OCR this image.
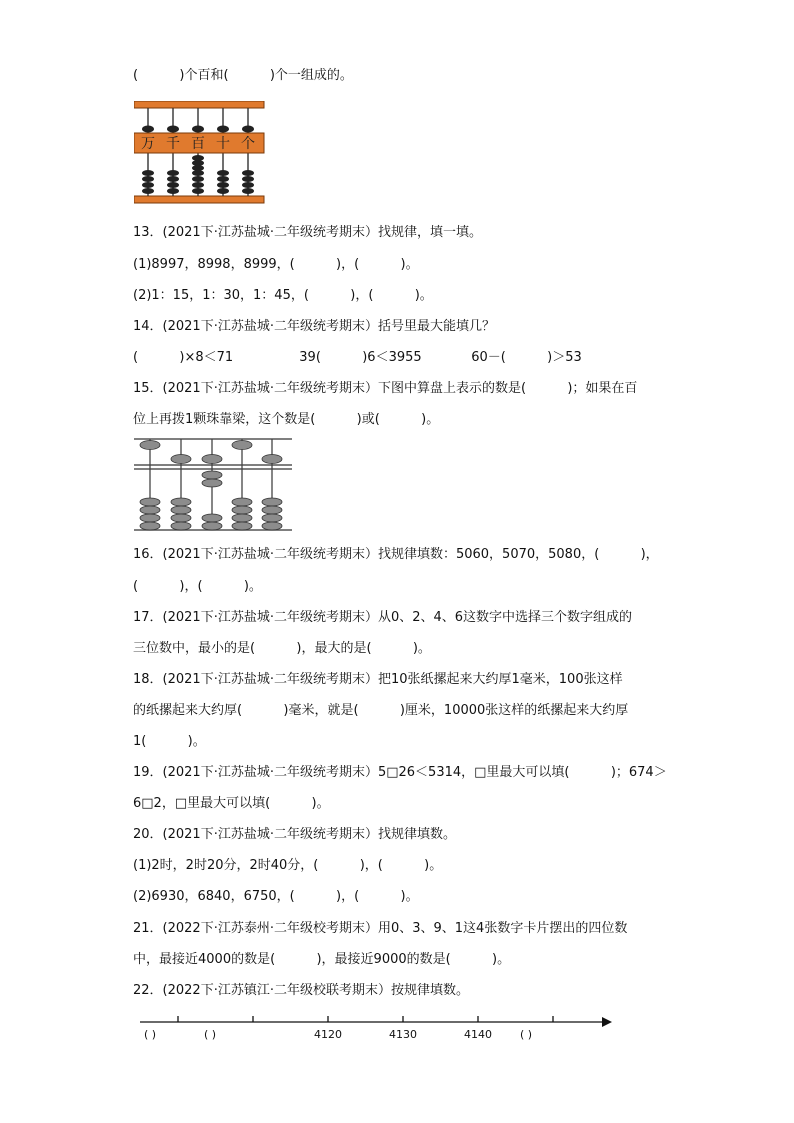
(          )个百和(          )个一组成的。
万 千 百 十 个
13．(2021下·江苏盐城·二年级统考期末）找规律，填一填。
(1)8997，8998，8999，(          )，(          )。
(2)1：15，1：30，1：45，(          )，(          )。
14．(2021下·江苏盐城·二年级统考期末）括号里最大能填几？
(          )×8＜71                39(          )6＜3955            60－(          )＞53
15．(2021下·江苏盐城·二年级统考期末）下图中算盘上表示的数是(          )；如果在百
位上再拨1颗珠靠梁，这个数是(          )或(          )。
16．(2021下·江苏盐城·二年级统考期末）找规律填数：5060，5070，5080，(          )，
(          )，(          )。
17．(2021下·江苏盐城·二年级统考期末）从0、2、4、6这数字中选择三个数字组成的
三位数中，最小的是(          )，最大的是(          )。
18．(2021下·江苏盐城·二年级统考期末）把10张纸摞起来大约厚1毫米，100张这样
的纸摞起来大约厚(          )毫米，就是(          )厘米，10000张这样的纸摞起来大约厚
1(          )。
19．(2021下·江苏盐城·二年级统考期末）5□26＜5314，□里最大可以填(          )；674＞
6□2，□里最大可以填(          )。
20．(2021下·江苏盐城·二年级统考期末）找规律填数。
(1)2时，2时20分，2时40分，(          )，(          )。
(2)6930，6840，6750，(          )，(          )。
21．(2022下·江苏泰州·二年级校考期末）用0、3、9、1这4张数字卡片摆出的四位数
中，最接近4000的数是(          )，最接近9000的数是(          )。
22．(2022下·江苏镇江·二年级校联考期末）按规律填数。
( )	( )	4120	4130	4140	( )
